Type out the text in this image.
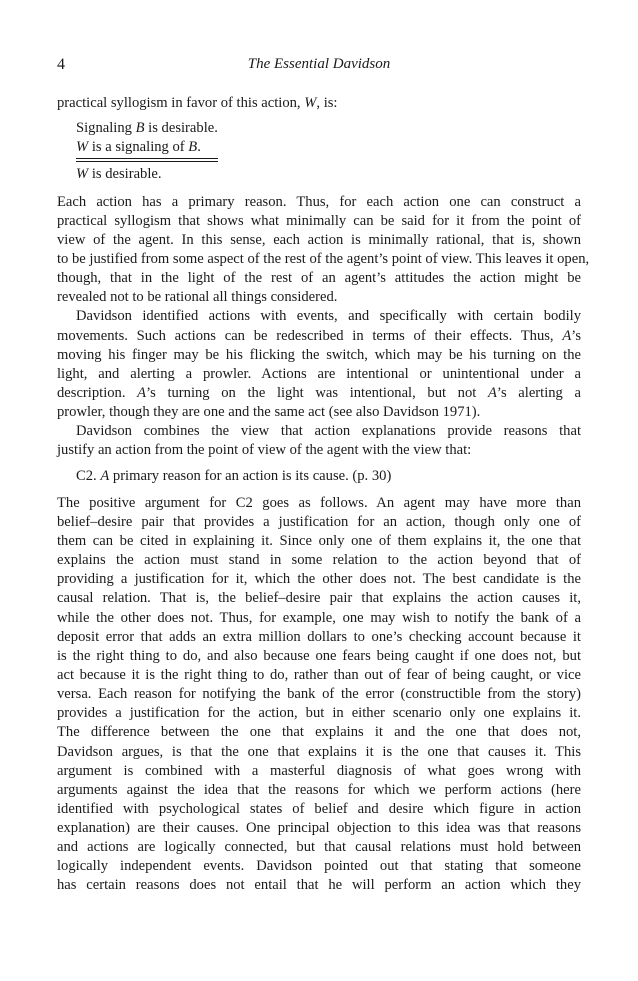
4	The Essential Davidson
practical syllogism in favor of this action, W, is:
Signaling B is desirable.
W is a signaling of B.
W is desirable.
Each action has a primary reason. Thus, for each action one can construct a
practical syllogism that shows what minimally can be said for it from the point of
view of the agent. In this sense, each action is minimally rational, that is, shown
to be justified from some aspect of the rest of the agent’s point of view. This leaves it open,
though, that in the light of the rest of an agent’s attitudes the action might be
revealed not to be rational all things considered.
Davidson identified actions with events, and specifically with certain bodily
movements. Such actions can be redescribed in terms of their effects. Thus, A’s
moving his finger may be his flicking the switch, which may be his turning on the
light, and alerting a prowler. Actions are intentional or unintentional under a
description. A’s turning on the light was intentional, but not A’s alerting a
prowler, though they are one and the same act (see also Davidson 1971).
Davidson combines the view that action explanations provide reasons that
justify an action from the point of view of the agent with the view that:
C2. A primary reason for an action is its cause. (p. 30)
The positive argument for C2 goes as follows. An agent may have more than
belief–desire pair that provides a justification for an action, though only one of
them can be cited in explaining it. Since only one of them explains it, the one that
explains the action must stand in some relation to the action beyond that of
providing a justification for it, which the other does not. The best candidate is the
causal relation. That is, the belief–desire pair that explains the action causes it,
while the other does not. Thus, for example, one may wish to notify the bank of a
deposit error that adds an extra million dollars to one’s checking account because it
is the right thing to do, and also because one fears being caught if one does not, but
act because it is the right thing to do, rather than out of fear of being caught, or vice
versa. Each reason for notifying the bank of the error (constructible from the story)
provides a justification for the action, but in either scenario only one explains it.
The difference between the one that explains it and the one that does not,
Davidson argues, is that the one that explains it is the one that causes it. This
argument is combined with a masterful diagnosis of what goes wrong with
arguments against the idea that the reasons for which we perform actions (here
identified with psychological states of belief and desire which figure in action
explanation) are their causes. One principal objection to this idea was that reasons
and actions are logically connected, but that causal relations must hold between
logically independent events. Davidson pointed out that stating that someone
has certain reasons does not entail that he will perform an action which they
